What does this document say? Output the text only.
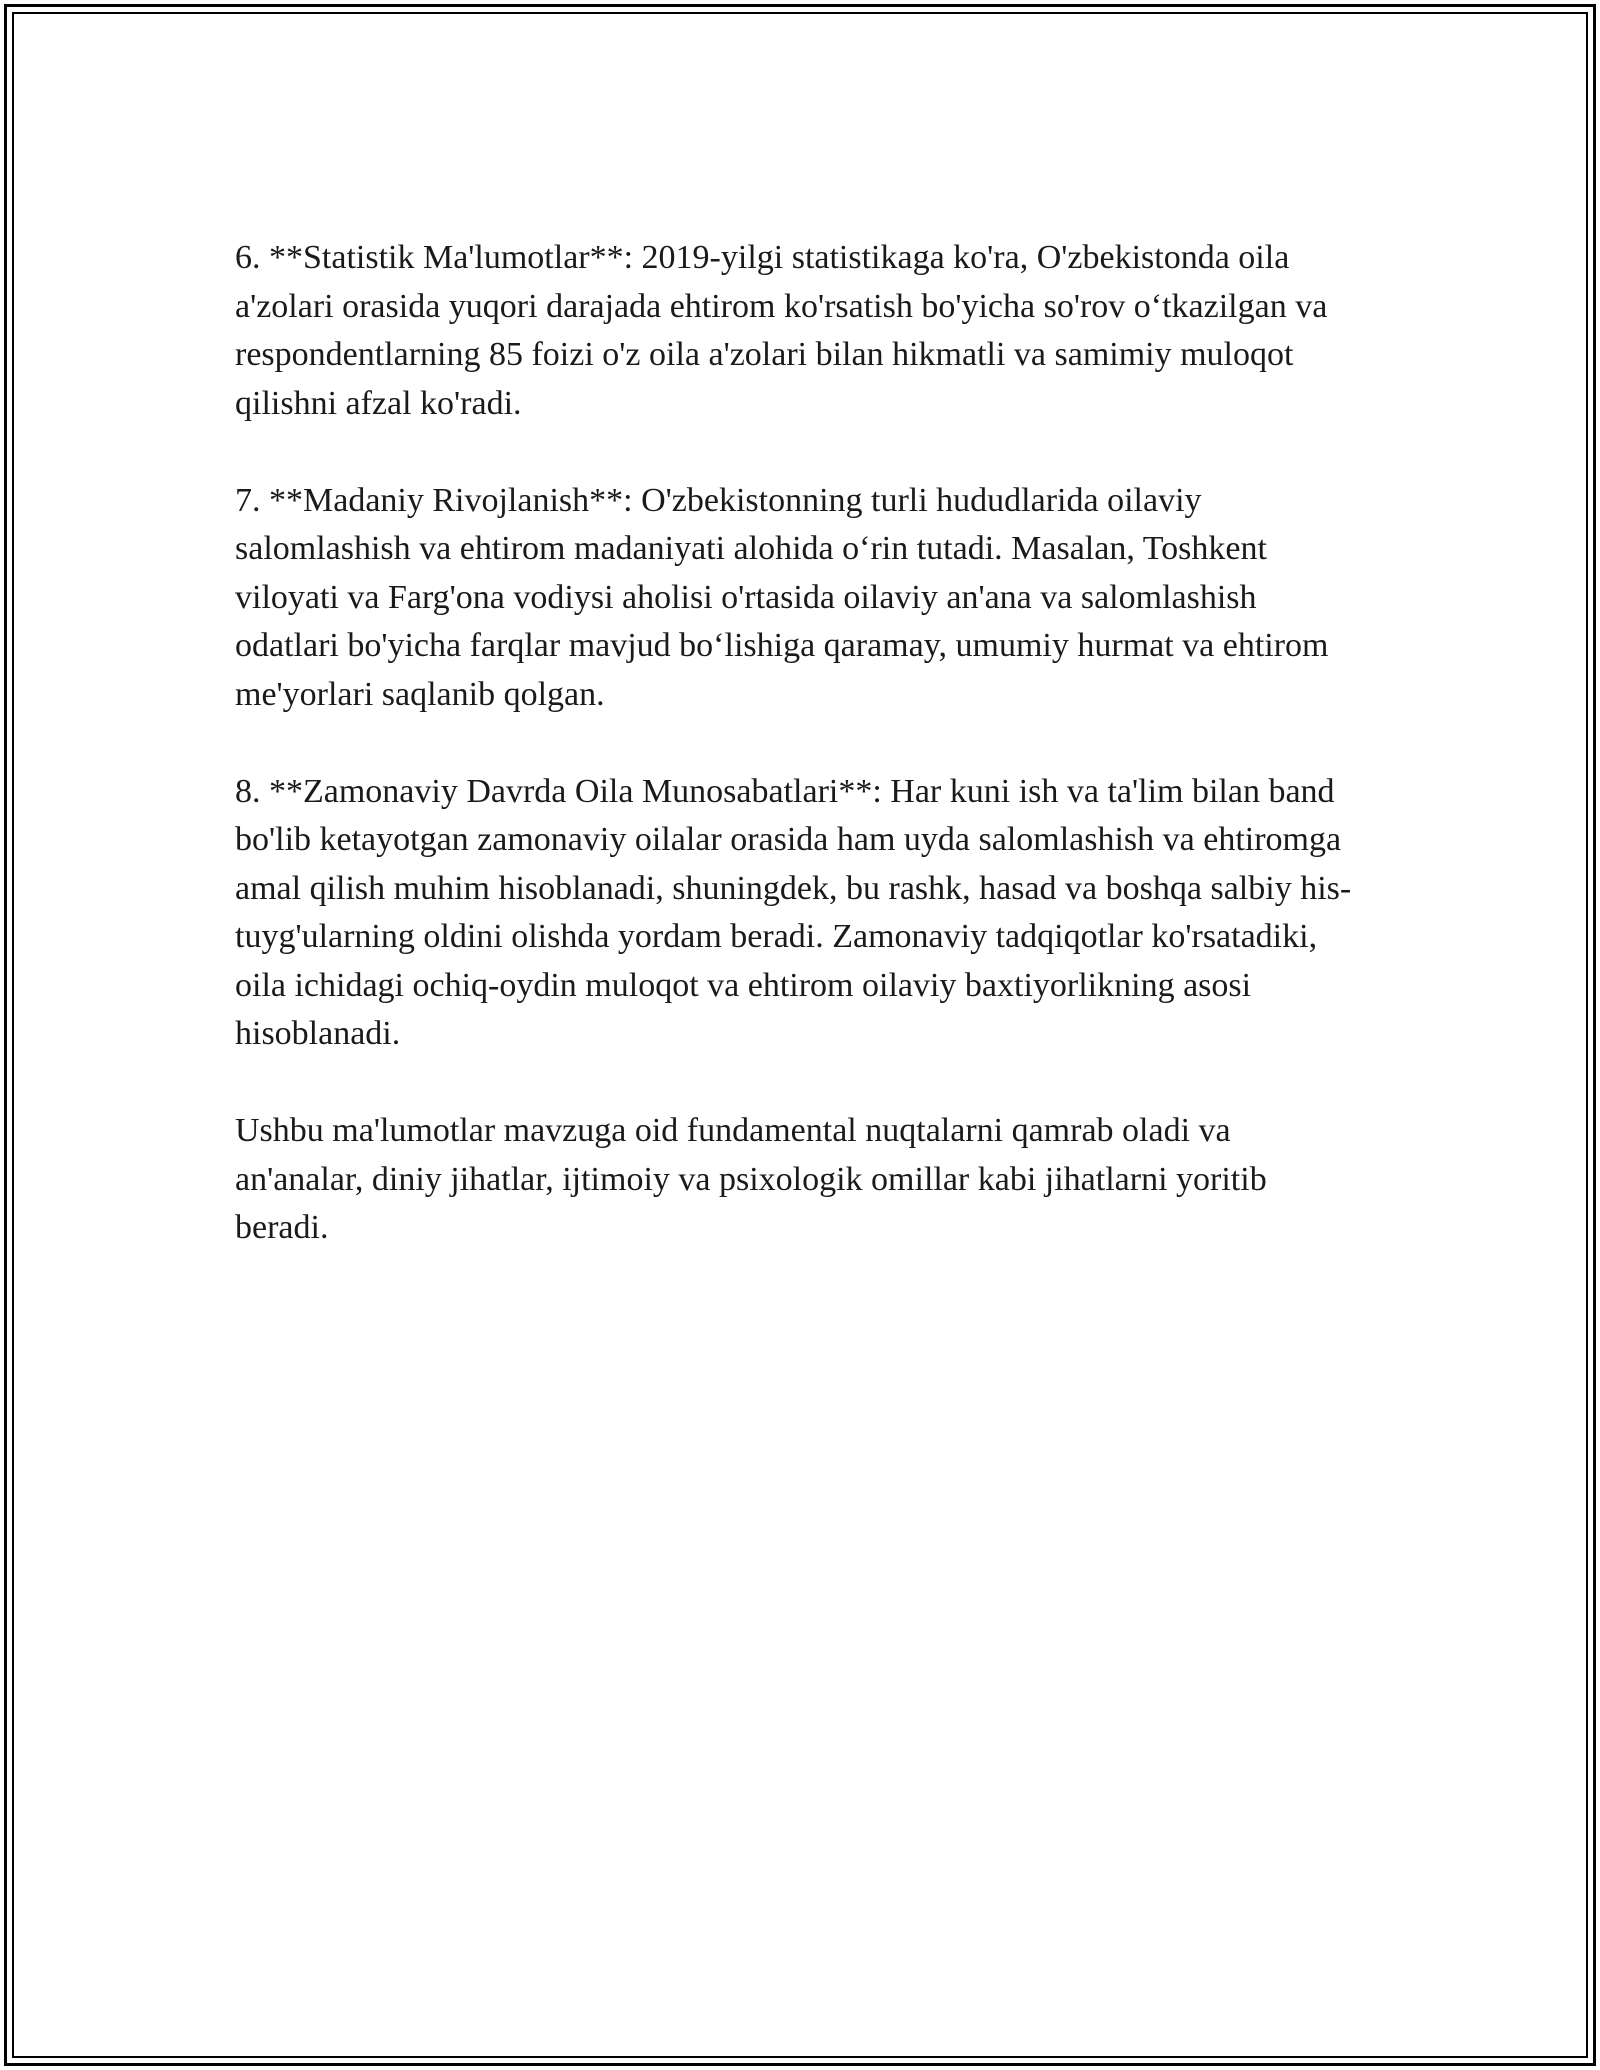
6. **Statistik Ma'lumotlar**: 2019-yilgi statistikaga ko'ra, O'zbekistonda oila a'zolari orasida yuqori darajada ehtirom ko'rsatish bo'yicha so'rov o‘tkazilgan va respondentlarning 85 foizi o'z oila a'zolari bilan hikmatli va samimiy muloqot qilishni afzal ko'radi.

7. **Madaniy Rivojlanish**: O'zbekistonning turli hududlarida oilaviy salomlashish va ehtirom madaniyati alohida o‘rin tutadi. Masalan, Toshkent viloyati va Farg'ona vodiysi aholisi o'rtasida oilaviy an'ana va salomlashish odatlari bo'yicha farqlar mavjud bo‘lishiga qaramay, umumiy hurmat va ehtirom me'yorlari saqlanib qolgan.

8. **Zamonaviy Davrda Oila Munosabatlari**: Har kuni ish va ta'lim bilan band bo'lib ketayotgan zamonaviy oilalar orasida ham uyda salomlashish va ehtiromga amal qilish muhim hisoblanadi, shuningdek, bu rashk, hasad va boshqa salbiy his-tuyg'ularning oldini olishda yordam beradi. Zamonaviy tadqiqotlar ko'rsatadiki, oila ichidagi ochiq-oydin muloqot va ehtirom oilaviy baxtiyorlikning asosi hisoblanadi.

Ushbu ma'lumotlar mavzuga oid fundamental nuqtalarni qamrab oladi va an'analar, diniy jihatlar, ijtimoiy va psixologik omillar kabi jihatlarni yoritib beradi.
